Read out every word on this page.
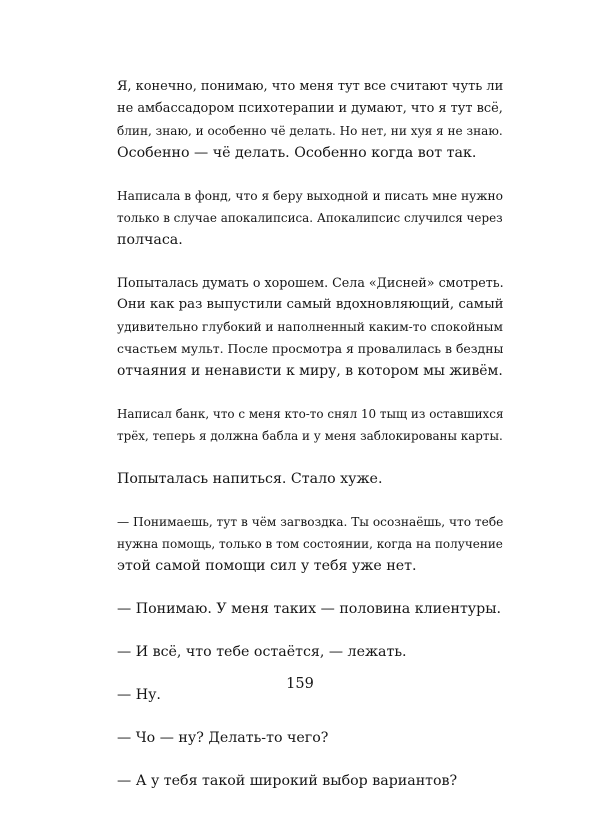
Я, конечно, понимаю, что меня тут все считают чуть ли
не амбассадором психотерапии и думают, что я тут всё,
блин, знаю, и особенно чё делать. Но нет, ни хуя я не знаю.
Особенно — чё делать. Особенно когда вот так.

Написала в фонд, что я беру выходной и писать мне нужно
только в случае апокалипсиса. Апокалипсис случился через
полчаса.

Попыталась думать о хорошем. Села «Дисней» смотреть.
Они как раз выпустили самый вдохновляющий, самый
удивительно глубокий и наполненный каким-то спокойным
счастьем мульт. После просмотра я провалилась в бездны
отчаяния и ненависти к миру, в котором мы живём.

Написал банк, что с меня кто-то снял 10 тыщ из оставшихся
трёх, теперь я должна бабла и у меня заблокированы карты.

Попыталась напиться. Стало хуже.

— Понимаешь, тут в чём загвоздка. Ты осознаёшь, что тебе
нужна помощь, только в том состоянии, когда на получение
этой самой помощи сил у тебя уже нет.

— Понимаю. У меня таких — половина клиентуры.

— И всё, что тебе остаётся, — лежать.

— Ну.

— Чо — ну? Делать-то чего?

— А у тебя такой широкий выбор вариантов?

159
